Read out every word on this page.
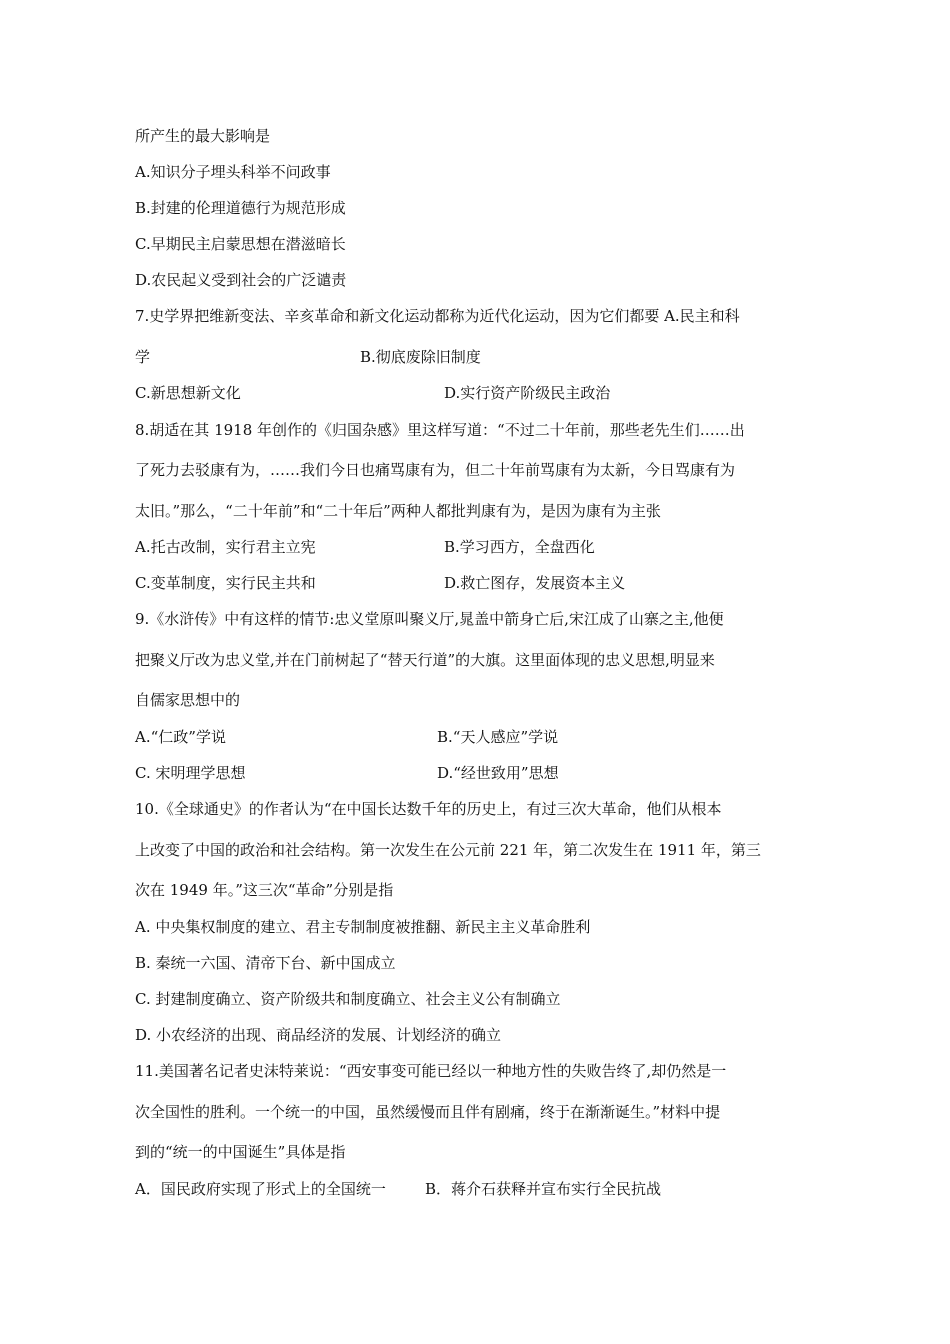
所产生的最大影响是
A.知识分子埋头科举不问政事
B.封建的伦理道德行为规范形成
C.早期民主启蒙思想在潜滋暗长
D.农民起义受到社会的广泛谴责
7.史学界把维新变法、辛亥革命和新文化运动都称为近代化运动，因为它们都要 A.民主和科
学	B.彻底废除旧制度
C.新思想新文化	D.实行资产阶级民主政治
8.胡适在其 1918 年创作的《归国杂感》里这样写道：“不过二十年前，那些老先生们……出
了死力去驳康有为，……我们今日也痛骂康有为，但二十年前骂康有为太新，今日骂康有为
太旧。”那么，“二十年前”和“二十年后”两种人都批判康有为，是因为康有为主张
A.托古改制，实行君主立宪	B.学习西方，全盘西化
C.变革制度，实行民主共和	D.救亡图存，发展资本主义
9.《水浒传》中有这样的情节:忠义堂原叫聚义厅,晁盖中箭身亡后,宋江成了山寨之主,他便
把聚义厅改为忠义堂,并在门前树起了“替天行道”的大旗。这里面体现的忠义思想,明显来
自儒家思想中的
A.“仁政”学说	B.“天人感应”学说
C. 宋明理学思想	D.“经世致用”思想
10.《全球通史》的作者认为“在中国长达数千年的历史上，有过三次大革命，他们从根本
上改变了中国的政治和社会结构。第一次发生在公元前 221 年，第二次发生在 1911 年，第三
次在 1949 年。”这三次“革命”分别是指
A. 中央集权制度的建立、君主专制制度被推翻、新民主主义革命胜利
B. 秦统一六国、清帝下台、新中国成立
C. 封建制度确立、资产阶级共和制度确立、社会主义公有制确立
D. 小农经济的出现、商品经济的发展、计划经济的确立
11.美国著名记者史沫特莱说：“西安事变可能已经以一种地方性的失败告终了,却仍然是一
次全国性的胜利。一个统一的中国，虽然缓慢而且伴有剧痛，终于在渐渐诞生。”材料中提
到的“统一的中国诞生”具体是指
A．国民政府实现了形式上的全国统一	B．蒋介石获释并宣布实行全民抗战
